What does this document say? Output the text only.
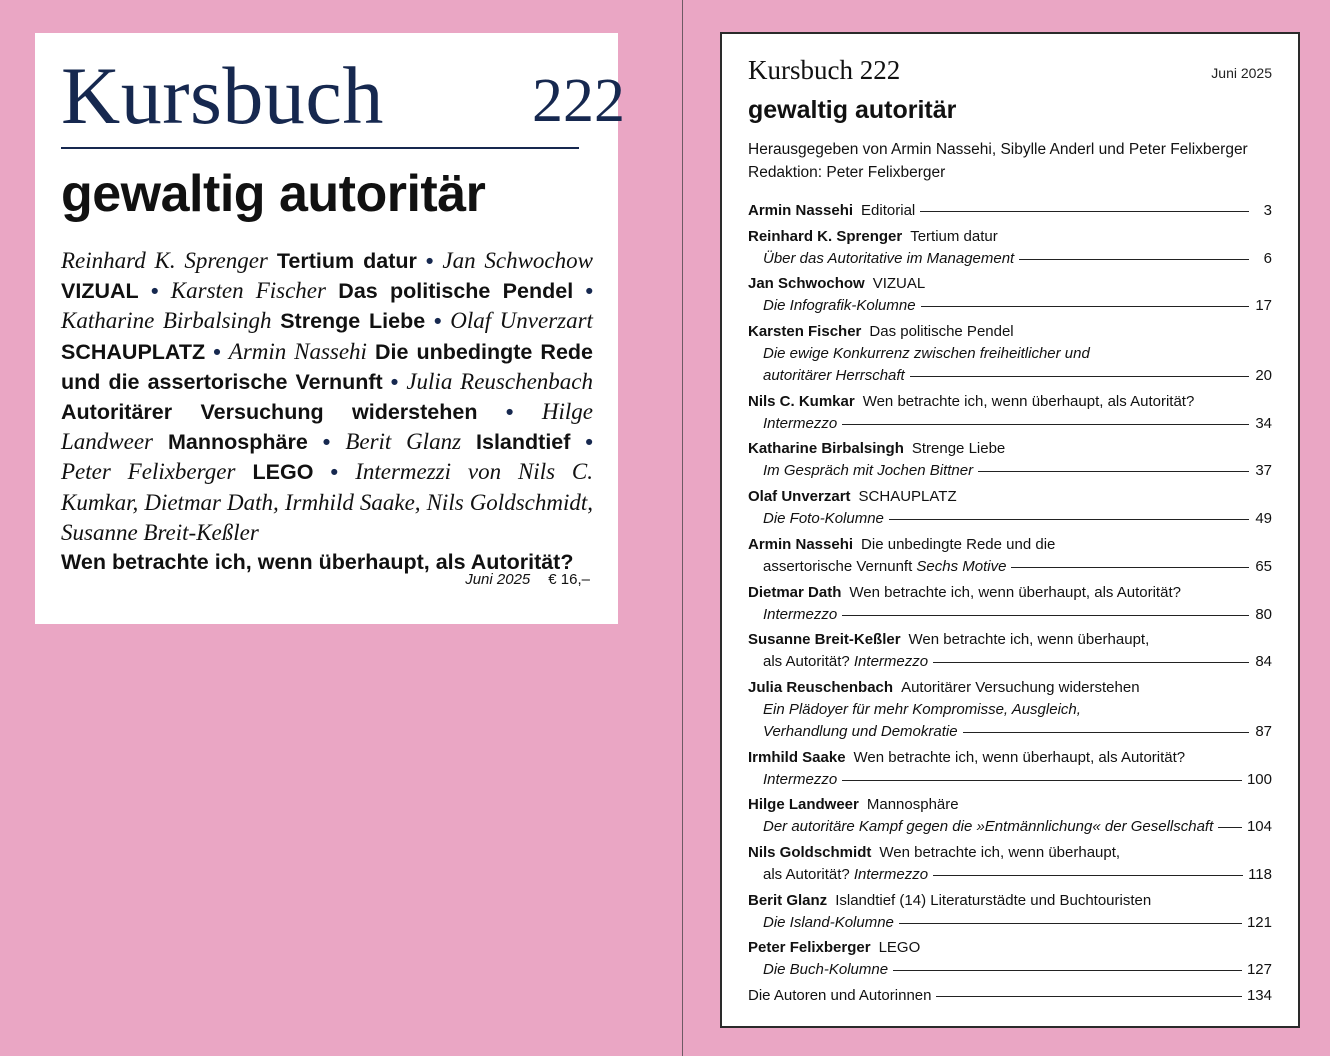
Kursbuch 222
gewaltig autoritär
Reinhard K. Sprenger Tertium datur • Jan Schwochow VIZUAL • Karsten Fischer Das politische Pendel • Katharine Birbalsingh Strenge Liebe • Olaf Unverzart SCHAUPLATZ • Armin Nassehi Die unbedingte Rede und die assertorische Vernunft • Julia Reuschenbach Autoritärer Versuchung widerstehen • Hilge Landweer Mannosphäre • Berit Glanz Islandtief • Peter Felixberger LEGO • Intermezzi von Nils C. Kumkar, Dietmar Dath, Irmhild Saake, Nils Goldschmidt, Susanne Breit-Keßler
Wen betrachte ich, wenn überhaupt, als Autorität?
Juni 2025 € 16,–
Kursbuch 222	Juni 2025
gewaltig autoritär
Herausgegeben von Armin Nassehi, Sibylle Anderl und Peter Felixberger
Redaktion: Peter Felixberger
Armin Nassehi Editorial	3
Reinhard K. Sprenger Tertium datur
Über das Autoritative im Management	6
Jan Schwochow VIZUAL
Die Infografik-Kolumne	17
Karsten Fischer Das politische Pendel
Die ewige Konkurrenz zwischen freiheitlicher und
autoritärer Herrschaft	20
Nils C. Kumkar Wen betrachte ich, wenn überhaupt, als Autorität?
Intermezzo	34
Katharine Birbalsingh Strenge Liebe
Im Gespräch mit Jochen Bittner	37
Olaf Unverzart SCHAUPLATZ
Die Foto-Kolumne	49
Armin Nassehi Die unbedingte Rede und die
assertorische Vernunft
Sechs Motive	65
Dietmar Dath Wen betrachte ich, wenn überhaupt, als Autorität?
Intermezzo	80
Susanne Breit-Keßler Wen betrachte ich, wenn überhaupt,
als Autorität?
Intermezzo	84
Julia Reuschenbach Autoritärer Versuchung widerstehen
Ein Plädoyer für mehr Kompromisse, Ausgleich,
Verhandlung und Demokratie	87
Irmhild Saake Wen betrachte ich, wenn überhaupt, als Autorität?
Intermezzo	100
Hilge Landweer Mannosphäre
Der autoritäre Kampf gegen die »Entmännlichung« der Gesellschaft 104
Nils Goldschmidt Wen betrachte ich, wenn überhaupt,
als Autorität?
Intermezzo	118
Berit Glanz Islandtief (14) Literaturstädte und Buchtouristen
Die Island-Kolumne	121
Peter Felixberger LEGO
Die Buch-Kolumne	127
Die Autoren und Autorinnen	134
